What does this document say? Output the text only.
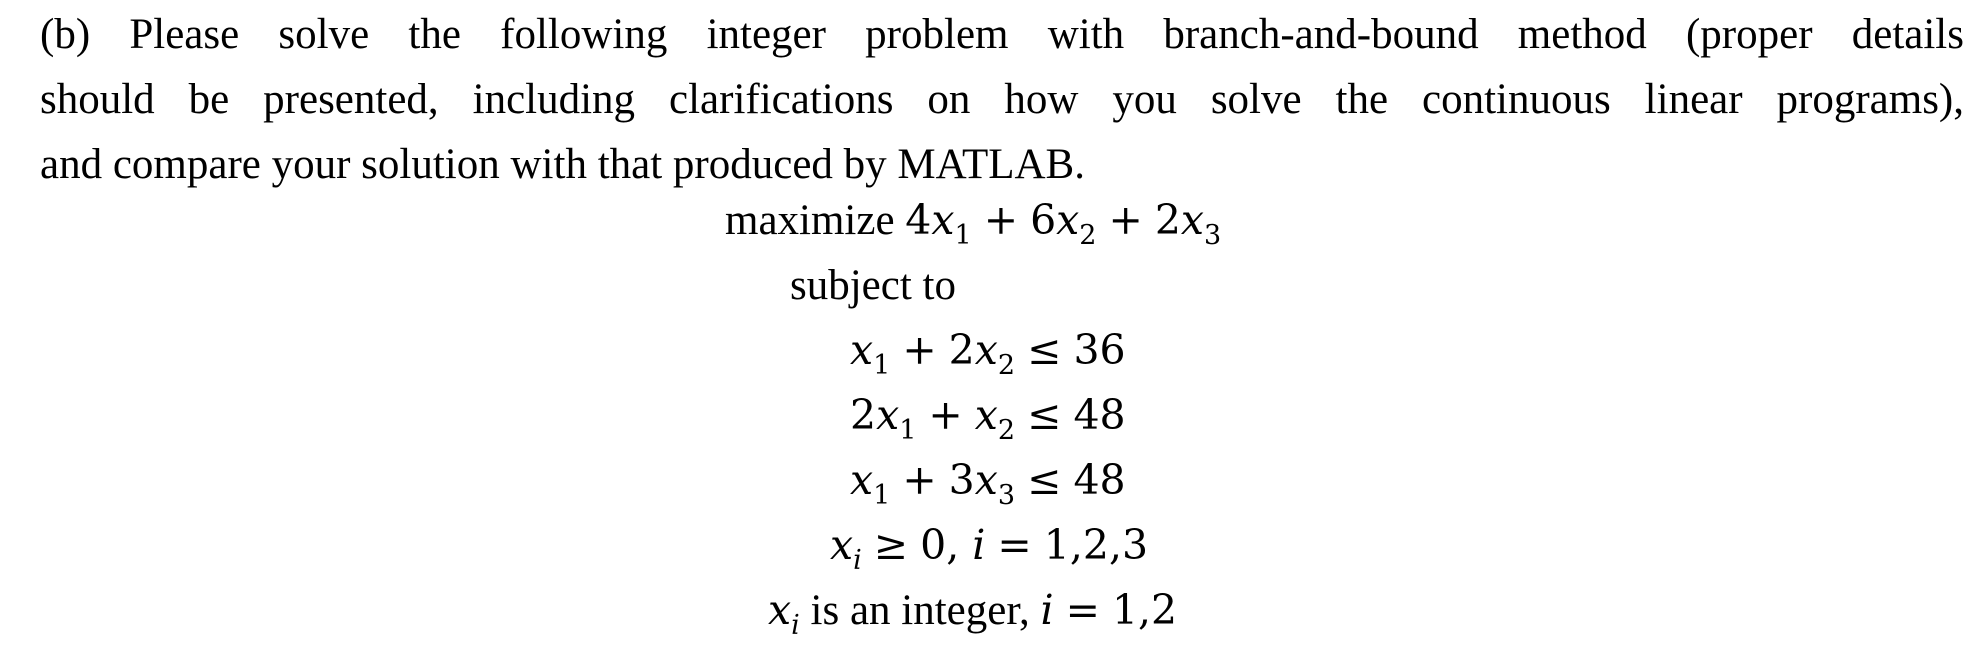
(b) Please solve the following integer problem with branch-and-bound method (proper details
should be presented, including clarifications on how you solve the continuous linear programs),
and compare your solution with that produced by MATLAB.
maximize $4x_1 + 6x_2 + 2x_3$
subject to
$x_1 + 2x_2 \le 36$
$2x_1 + x_2 \le 48$
$x_1 + 3x_3 \le 48$
$x_i \ge 0$, i = 1,2,3
$x_i$ is an integer, i = 1,2
